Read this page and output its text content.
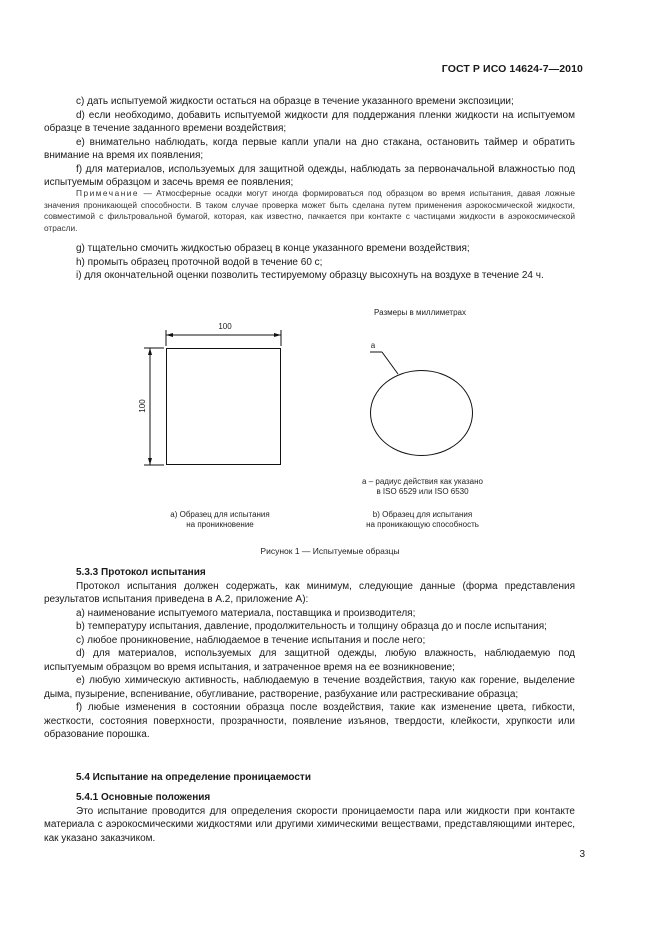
ГОСТ Р ИСО 14624-7—2010
c) дать испытуемой жидкости остаться на образце в течение указанного времени экспозиции;
d) если необходимо, добавить испытуемой жидкости для поддержания пленки жидкости на испытуемом образце в течение заданного времени воздействия;
e) внимательно наблюдать, когда первые капли упали на дно стакана, остановить таймер и обратить внимание на время их появления;
f) для материалов, используемых для защитной одежды, наблюдать за первоначальной влажностью под испытуемым образцом и засечь время ее появления;
Примечание — Атмосферные осадки могут иногда формироваться под образцом во время испытания, давая ложные значения проникающей способности. В таком случае проверка может быть сделана путем применения аэрокосмической жидкости, совместимой с фильтровальной бумагой, которая, как известно, пачкается при контакте с частицами жидкости в аэрокосмической отрасли.
g) тщательно смочить жидкостью образец в конце указанного времени воздействия;
h) промыть образец проточной водой в течение 60 с;
i) для окончательной оценки позволить тестируемому образцу высохнуть на воздухе в течение 24 ч.
Размеры в миллиметрах
100
100
a
a – радиус действия как указано
в ISO 6529 или ISO 6530
a) Образец для испытания
на проникновение
b) Образец для испытания
на проникающую способность
Рисунок 1 — Испытуемые образцы
5.3.3 Протокол испытания
Протокол испытания должен содержать, как минимум, следующие данные (форма представления результатов испытания приведена в А.2, приложение А):
a) наименование испытуемого материала, поставщика и производителя;
b) температуру испытания, давление, продолжительность и толщину образца до и после испытания;
c) любое проникновение, наблюдаемое в течение испытания и после него;
d) для материалов, используемых для защитной одежды, любую влажность, наблюдаемую под испытуемым образцом во время испытания, и затраченное время на ее возникновение;
e) любую химическую активность, наблюдаемую в течение воздействия, такую как горение, выделение дыма, пузырение, вспенивание, обугливание, растворение, разбухание или растрескивание образца;
f) любые изменения в состоянии образца после воздействия, такие как изменение цвета, гибкости, жесткости, состояния поверхности, прозрачности, появление изъянов, твердости, клейкости, хрупкости или образование порошка.
5.4 Испытание на определение проницаемости
5.4.1 Основные положения
Это испытание проводится для определения скорости проницаемости пара или жидкости при контакте материала с аэрокосмическими жидкостями или другими химическими веществами, представляющими интерес, как указано заказчиком.
3
